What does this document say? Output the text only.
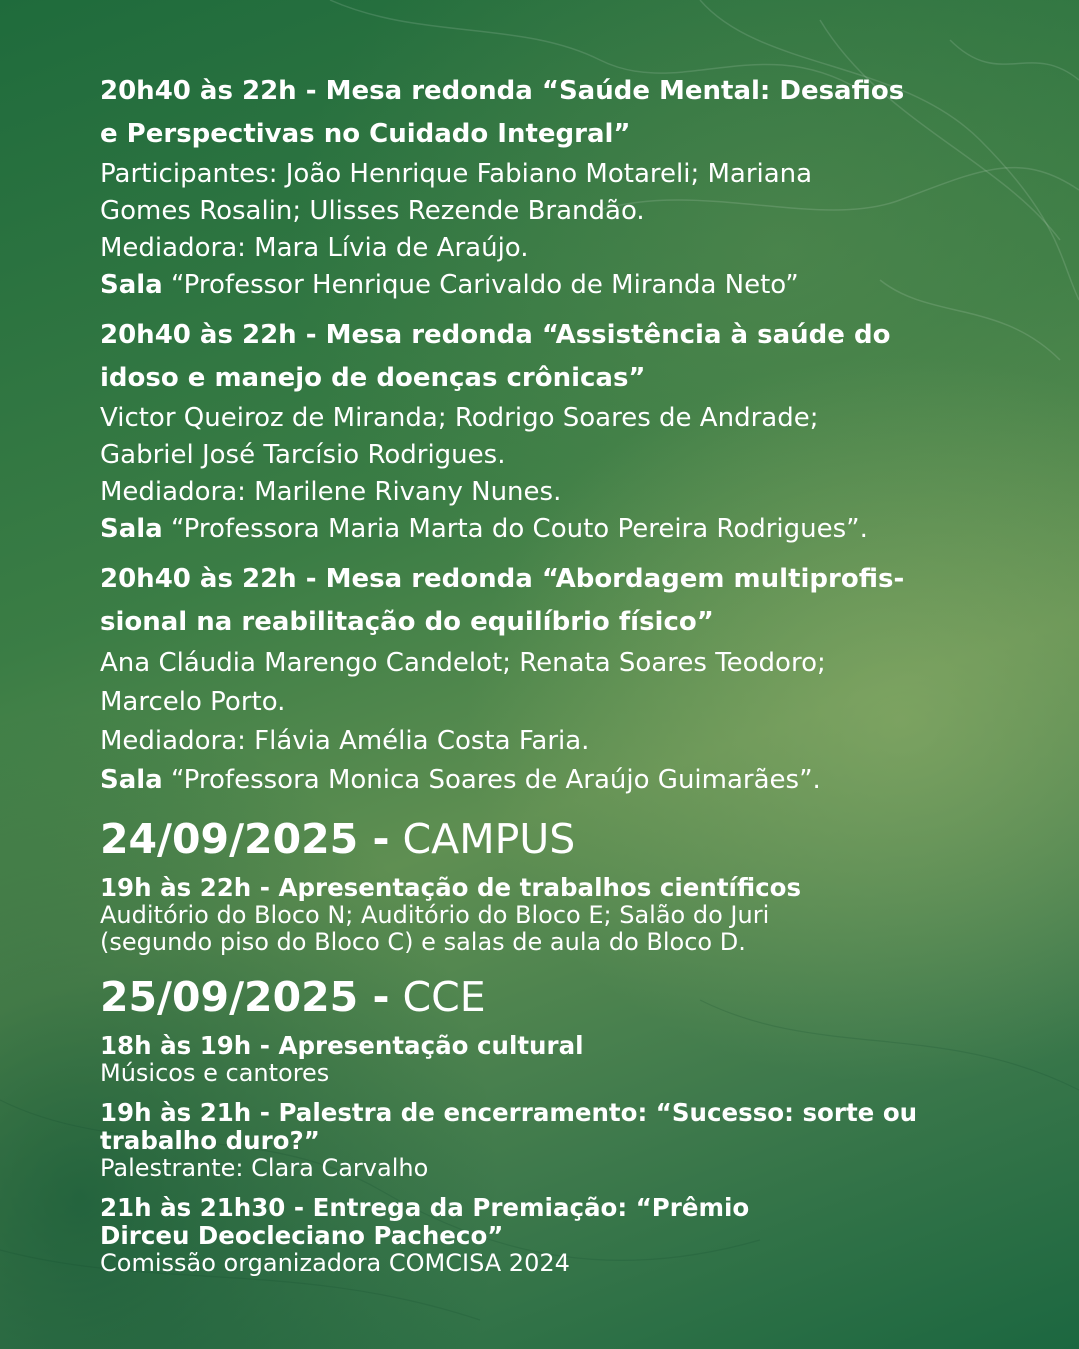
20h40 às 22h - Mesa redonda “Saúde Mental: Desafios
e Perspectivas no Cuidado Integral”

Participantes: João Henrique Fabiano Motareli; Mariana

Gomes Rosalin; Ulisses Rezende Brandão.

Mediadora: Mara Lívia de Araújo.

Sala “Professor Henrique Carivaldo de Miranda Neto”

20h40 às 22h - Mesa redonda “Assistência à saúde do
idoso e manejo de doenças crônicas”

Victor Queiroz de Miranda; Rodrigo Soares de Andrade;

Gabriel José Tarcísio Rodrigues.

Mediadora: Marilene Rivany Nunes.

Sala “Professora Maria Marta do Couto Pereira Rodrigues”.

20h40 às 22h - Mesa redonda “Abordagem multiprofis-
sional na reabilitação do equilíbrio físico”

Ana Cláudia Marengo Candelot; Renata Soares Teodoro;

Marcelo Porto.

Mediadora: Flávia Amélia Costa Faria.

Sala “Professora Monica Soares de Araújo Guimarães”.

24/09/2025 - CAMPUS

19h às 22h - Apresentação de trabalhos científicos

Auditório do Bloco N; Auditório do Bloco E; Salão do Juri

(segundo piso do Bloco C) e salas de aula do Bloco D.

25/09/2025 - CCE

18h às 19h - Apresentação cultural

Músicos e cantores

19h às 21h - Palestra de encerramento: “Sucesso: sorte ou
trabalho duro?”

Palestrante: Clara Carvalho

21h às 21h30 - Entrega da Premiação: “Prêmio
Dirceu Deocleciano Pacheco”

Comissão organizadora COMCISA 2024
